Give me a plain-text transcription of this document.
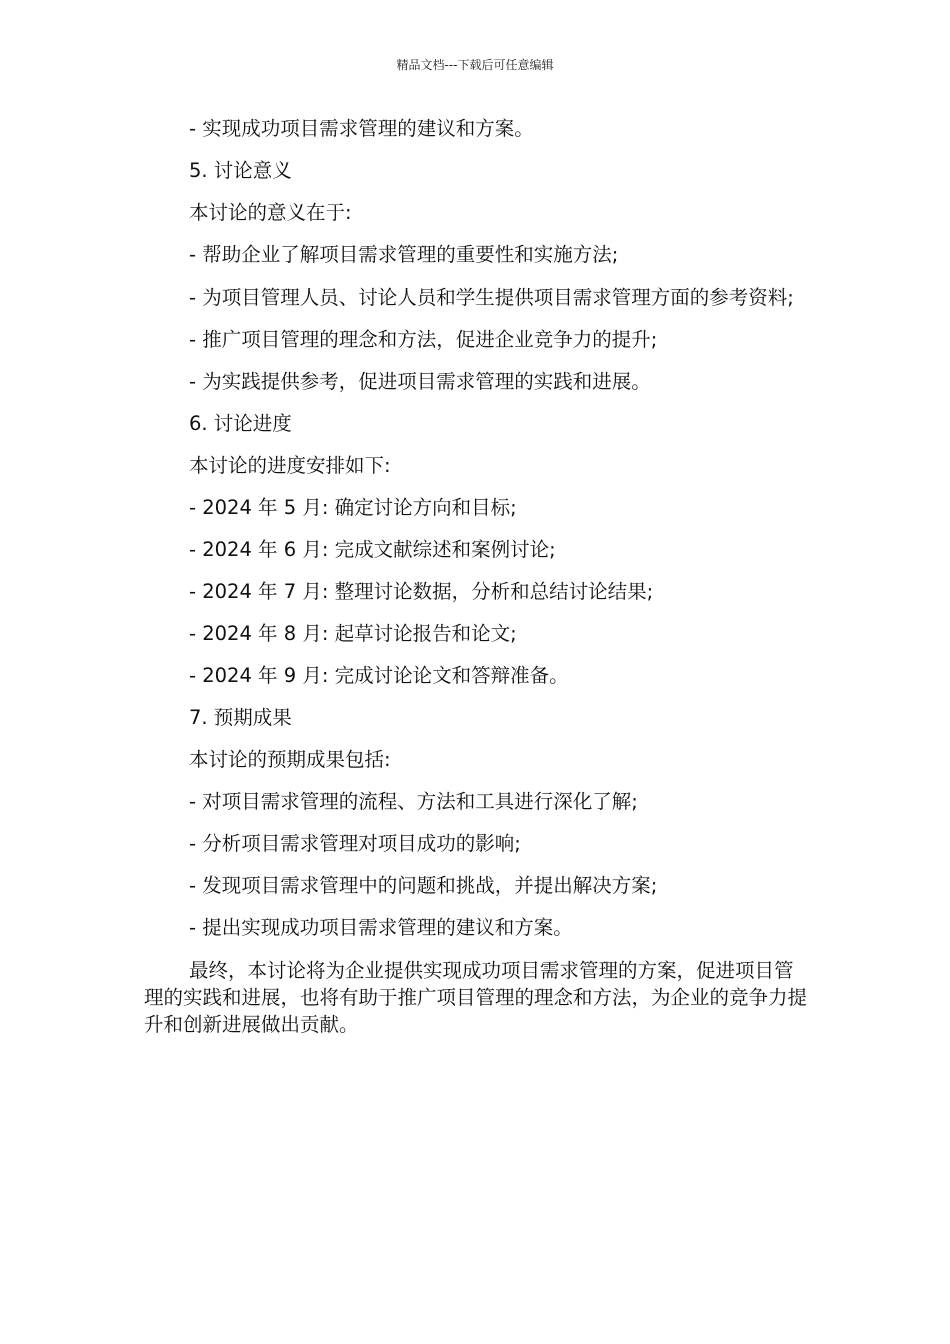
精品文档---下载后可任意编辑

- 实现成功项目需求管理的建议和方案。

5. 讨论意义

本讨论的意义在于:

- 帮助企业了解项目需求管理的重要性和实施方法;

- 为项目管理人员、讨论人员和学生提供项目需求管理方面的参考资料;

- 推广项目管理的理念和方法，促进企业竞争力的提升;

- 为实践提供参考，促进项目需求管理的实践和进展。

6. 讨论进度

本讨论的进度安排如下:

- 2024 年 5 月: 确定讨论方向和目标;

- 2024 年 6 月: 完成文献综述和案例讨论;

- 2024 年 7 月: 整理讨论数据，分析和总结讨论结果;

- 2024 年 8 月: 起草讨论报告和论文;

- 2024 年 9 月: 完成讨论论文和答辩准备。

7. 预期成果

本讨论的预期成果包括:

- 对项目需求管理的流程、方法和工具进行深化了解;

- 分析项目需求管理对项目成功的影响;

- 发现项目需求管理中的问题和挑战，并提出解决方案;

- 提出实现成功项目需求管理的建议和方案。

最终，本讨论将为企业提供实现成功项目需求管理的方案，促进项目管理的实践和进展，也将有助于推广项目管理的理念和方法，为企业的竞争力提升和创新进展做出贡献。
